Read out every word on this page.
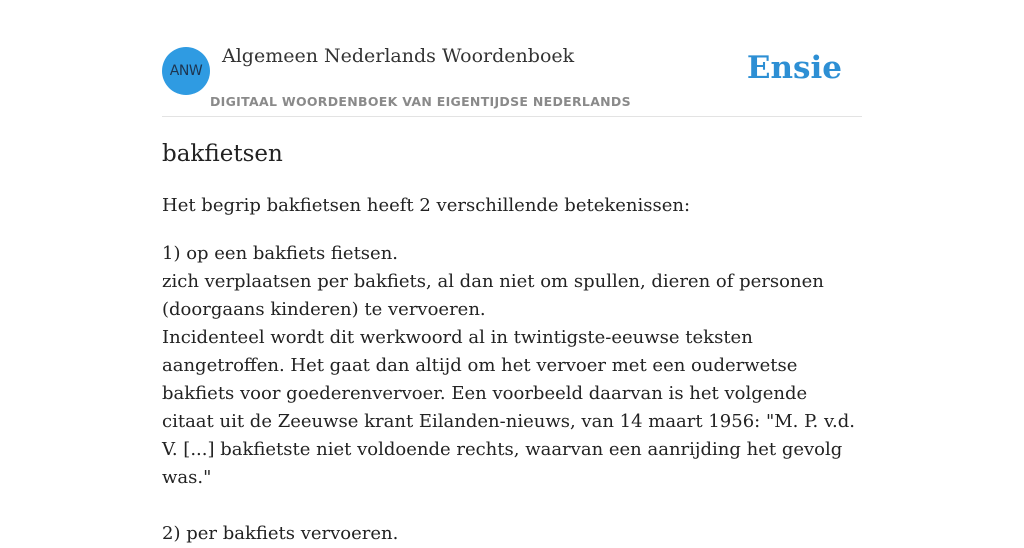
ANW
Algemeen Nederlands Woordenboek
DIGITAAL WOORDENBOEK VAN EIGENTIJDSE NEDERLANDS
Ensie
bakfietsen

Het begrip bakfietsen heeft 2 verschillende betekenissen:

1) op een bakfiets fietsen.

zich verplaatsen per bakfiets, al dan niet om spullen, dieren of personen (doorgaans kinderen) te vervoeren.

Incidenteel wordt dit werkwoord al in twintigste-eeuwse teksten aangetroffen. Het gaat dan altijd om het vervoer met een ouderwetse bakfiets voor goederenvervoer. Een voorbeeld daarvan is het volgende citaat uit de Zeeuwse krant Eilanden-nieuws, van 14 maart 1956: "M. P. v.d. V. [...] bakfietste niet voldoende rechts, waarvan een aanrijding het gevolg was."

2) per bakfiets vervoeren.
